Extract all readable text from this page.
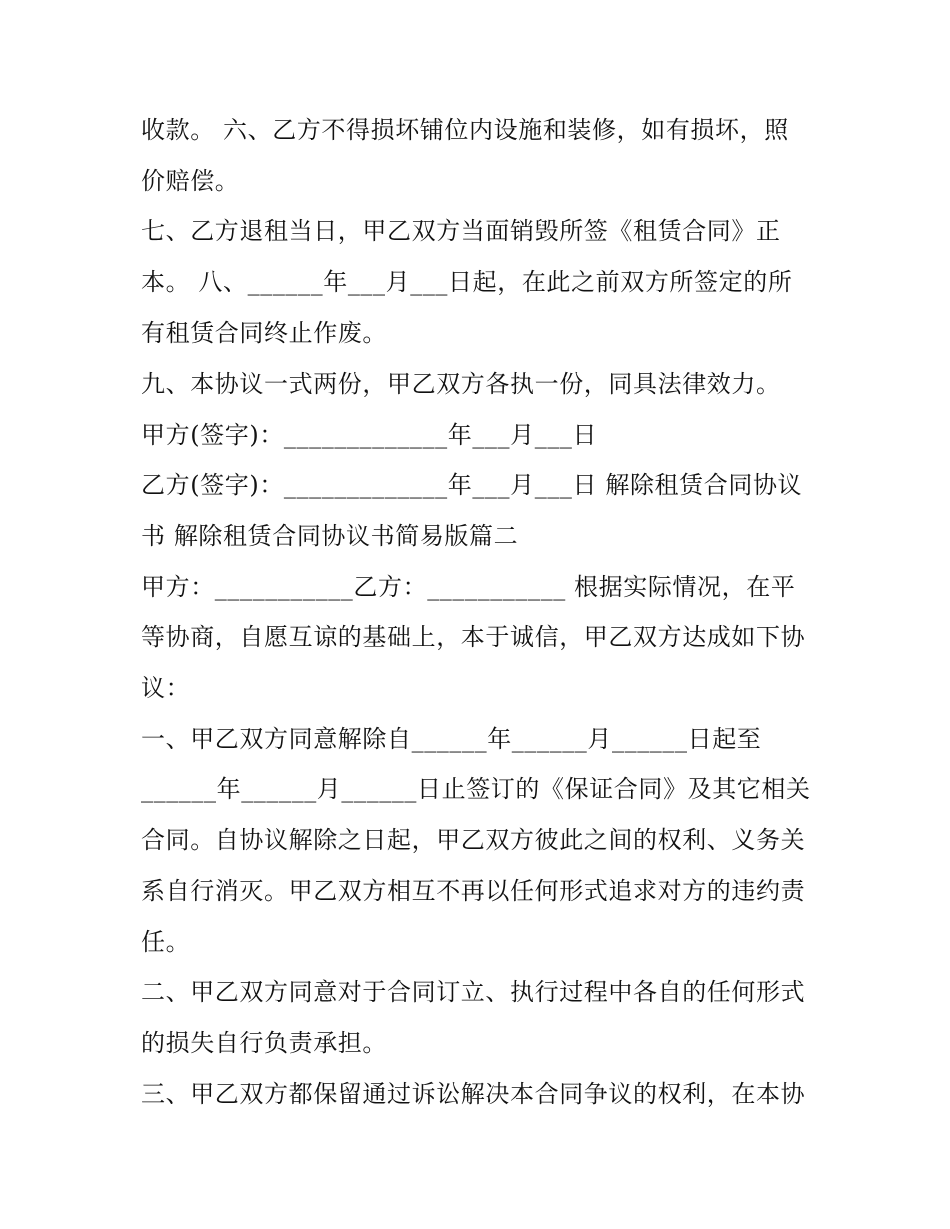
收款。 六、乙方不得损坏铺位内设施和装修，如有损坏，照
价赔偿。
七、乙方退租当日，甲乙双方当面销毁所签《租赁合同》正
本。 八、______年___月___日起，在此之前双方所签定的所
有租赁合同终止作废。
九、本协议一式两份，甲乙双方各执一份，同具法律效力。
甲方(签字)：_____________年___月___日
乙方(签字)：_____________年___月___日 解除租赁合同协议
书 解除租赁合同协议书简易版篇二
甲方：___________乙方：___________ 根据实际情况，在平
等协商，自愿互谅的基础上，本于诚信，甲乙双方达成如下协
议：
一、甲乙双方同意解除自______年______月______日起至
______年______月______日止签订的《保证合同》及其它相关
合同。自协议解除之日起，甲乙双方彼此之间的权利、义务关
系自行消灭。甲乙双方相互不再以任何形式追求对方的违约责
任。
二、甲乙双方同意对于合同订立、执行过程中各自的任何形式
的损失自行负责承担。
三、甲乙双方都保留通过诉讼解决本合同争议的权利，在本协
